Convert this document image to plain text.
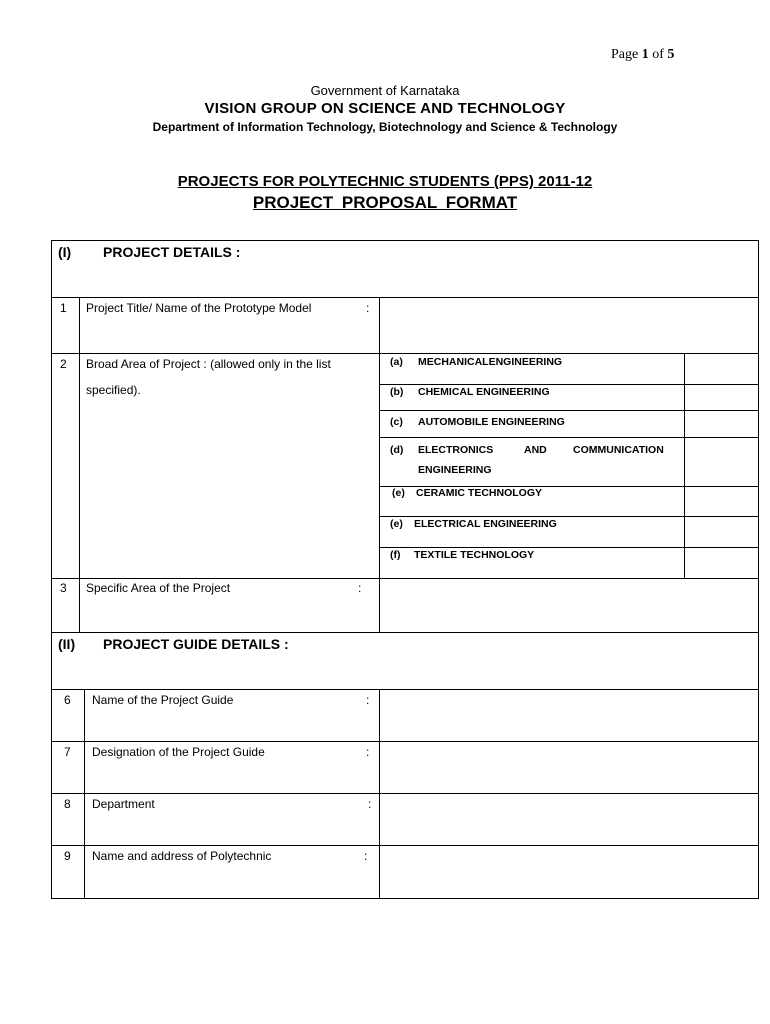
Page 1 of 5
Government of Karnataka
VISION GROUP ON SCIENCE AND TECHNOLOGY
Department of Information Technology, Biotechnology and Science & Technology
PROJECTS FOR POLYTECHNIC STUDENTS (PPS) 2011-12
PROJECT PROPOSAL FORMAT
(I) PROJECT DETAILS :
1 Project Title/ Name of the Prototype Model	:
2 Broad Area of Project : (allowed only in the list
specified).
(a) MECHANICALENGINEERING
(b) CHEMICAL ENGINEERING
(c) AUTOMOBILE ENGINEERING
(d) ELECTRONICS	AND	COMMUNICATION
ENGINEERING
(e) CERAMIC TECHNOLOGY
(e) ELECTRICAL ENGINEERING
(f) TEXTILE TECHNOLOGY
3 Specific Area of the Project	:
(II) PROJECT GUIDE DETAILS :
6 Name of the Project Guide	:
7 Designation of the Project Guide	:
8 Department	:
9 Name and address of Polytechnic	:
